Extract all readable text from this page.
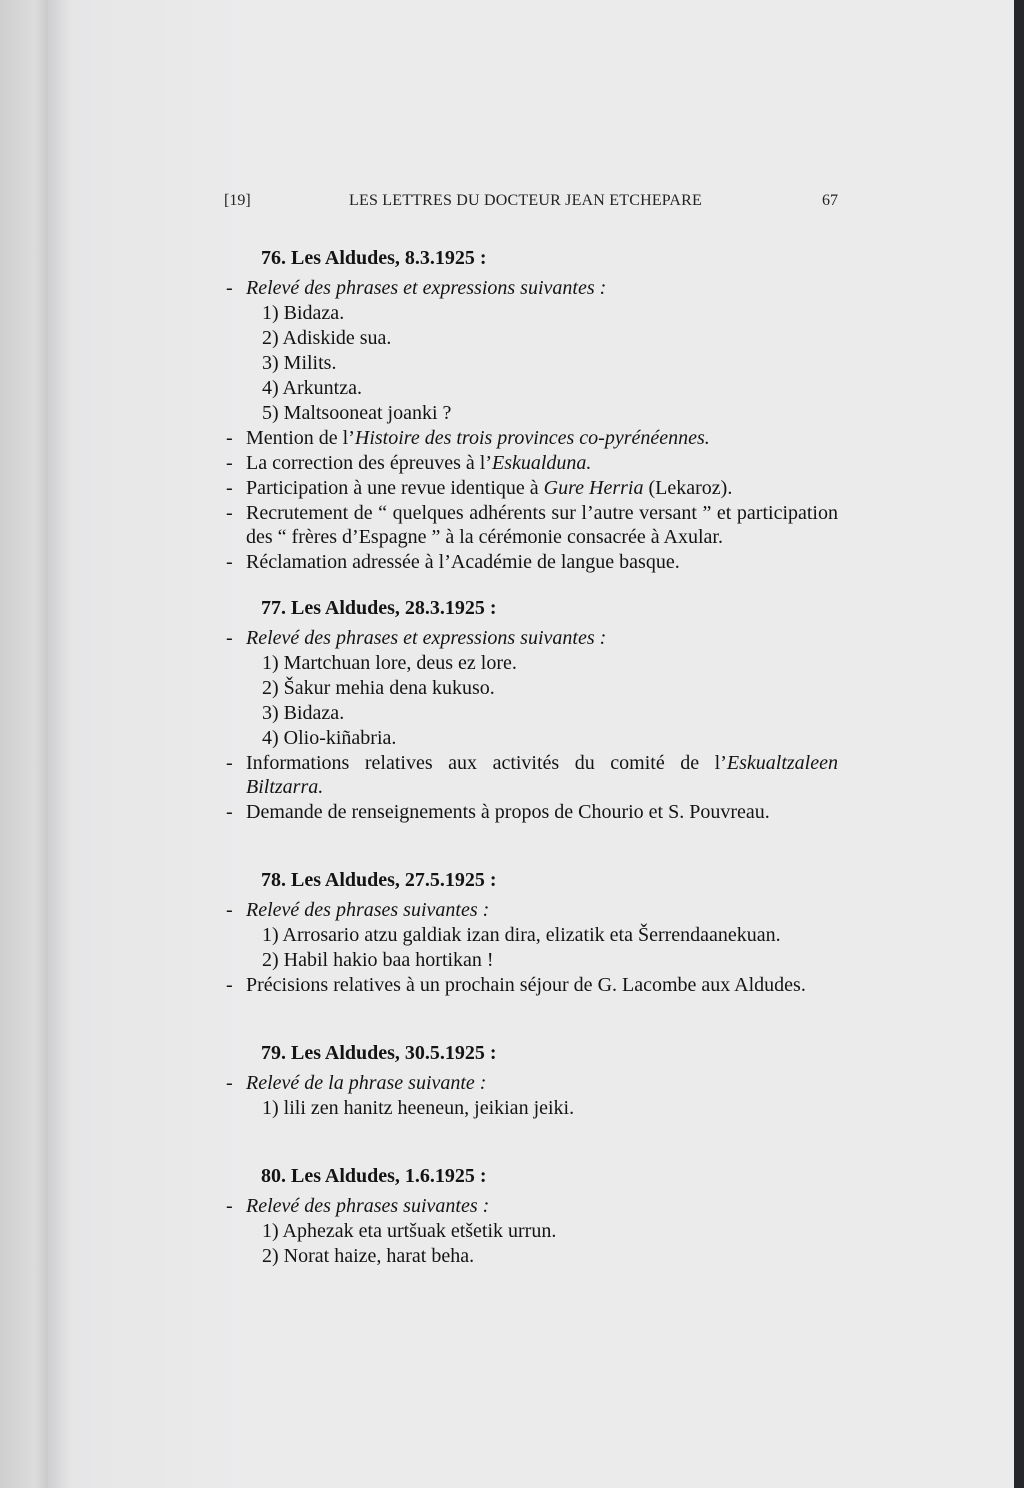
[19]	LES LETTRES DU DOCTEUR JEAN ETCHEPARE	67
76. Les Aldudes, 8.3.1925 :
- Relevé des phrases et expressions suivantes :
1) Bidaza.
2) Adiskide sua.
3) Milits.
4) Arkuntza.
5) Maltsooneat joanki ?
- Mention de l’Histoire des trois provinces co-pyrénéennes.
- La correction des épreuves à l’Eskualduna.
- Participation à une revue identique à Gure Herria (Lekaroz).
- Recrutement de “ quelques adhérents sur l’autre versant ” et participation des “ frères d’Espagne ” à la cérémonie consacrée à Axular.
- Réclamation adressée à l’Académie de langue basque.
77. Les Aldudes, 28.3.1925 :
- Relevé des phrases et expressions suivantes :
1) Martchuan lore, deus ez lore.
2) Šakur mehia dena kukuso.
3) Bidaza.
4) Olio-kiñabria.
- Informations relatives aux activités du comité de l’Eskualtzaleen Biltzarra.
- Demande de renseignements à propos de Chourio et S. Pouvreau.
78. Les Aldudes, 27.5.1925 :
- Relevé des phrases suivantes :
1) Arrosario atzu galdiak izan dira, elizatik eta Šerrendaanekuan.
2) Habil hakio baa hortikan !
- Précisions relatives à un prochain séjour de G. Lacombe aux Aldudes.
79. Les Aldudes, 30.5.1925 :
- Relevé de la phrase suivante :
1) lili zen hanitz heeneun, jeikian jeiki.
80. Les Aldudes, 1.6.1925 :
- Relevé des phrases suivantes :
1) Aphezak eta urtšuak etšetik urrun.
2) Norat haize, harat beha.
